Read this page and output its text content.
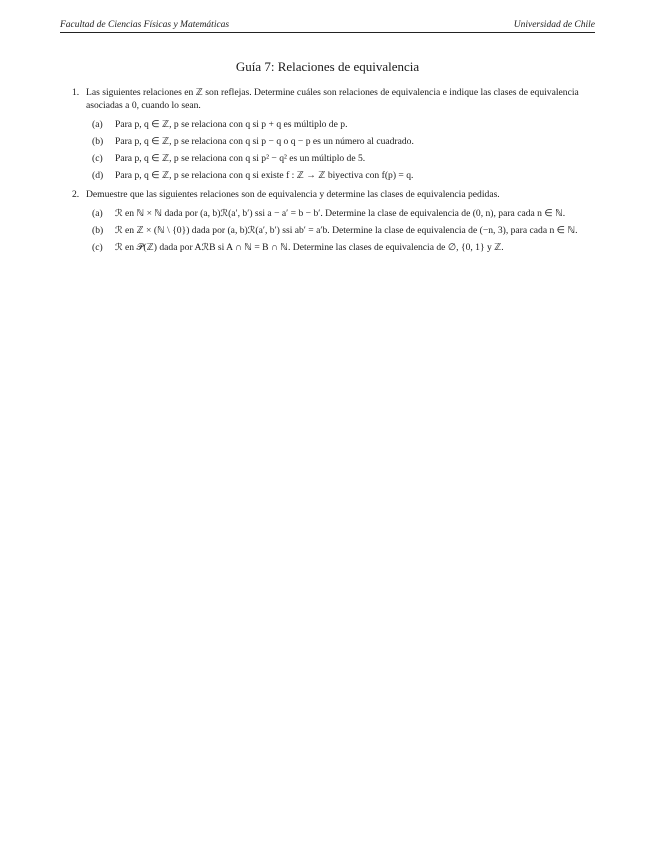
Facultad de Ciencias Físicas y Matemáticas	Universidad de Chile
Guía 7: Relaciones de equivalencia
1. Las siguientes relaciones en ℤ son reflejas. Determine cuáles son relaciones de equivalencia e indique las clases de equivalencia asociadas a 0, cuando lo sean.
(a) Para p, q ∈ ℤ, p se relaciona con q si p + q es múltiplo de p.
(b) Para p, q ∈ ℤ, p se relaciona con q si p − q o q − p es un número al cuadrado.
(c) Para p, q ∈ ℤ, p se relaciona con q si p² − q² es un múltiplo de 5.
(d) Para p, q ∈ ℤ, p se relaciona con q si existe f : ℤ → ℤ biyectiva con f(p) = q.
2. Demuestre que las siguientes relaciones son de equivalencia y determine las clases de equivalencia pedidas.
(a) ℛ en ℕ × ℕ dada por (a, b)ℛ(a′, b′) ssi a − a′ = b − b′. Determine la clase de equivalencia de (0, n), para cada n ∈ ℕ.
(b) ℛ en ℤ × (ℕ \ {0}) dada por (a, b)ℛ(a′, b′) ssi ab′ = a′b. Determine la clase de equivalencia de (−n, 3), para cada n ∈ ℕ.
(c) ℛ en 𝒫(ℤ) dada por AℛB si A ∩ ℕ = B ∩ ℕ. Determine las clases de equivalencia de ∅, {0, 1} y ℤ.
